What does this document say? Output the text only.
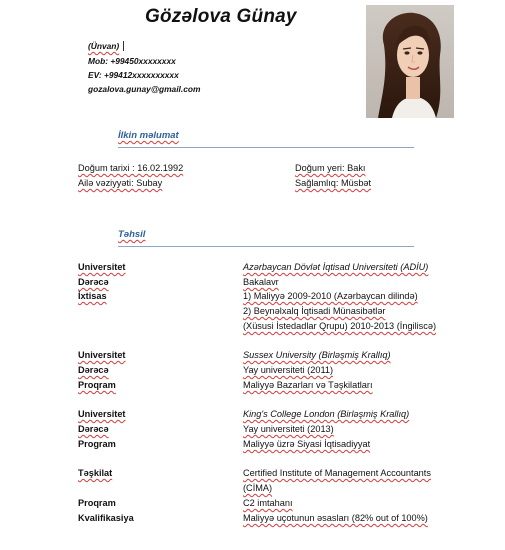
Gözəlova Günay
(Ünvan)
Mob: +99450xxxxxxxx
EV: +99412xxxxxxxxxx
gozalova.gunay@gmail.com
İlkin məlumat
Doğum tarixi : 16.02.1992	Doğum yeri: Bakı
Ailə vəziyyəti: Subay	Sağlamlıq: Müsbət
Təhsil
Universitet	Azərbaycan Dövlət İqtisad Universiteti (ADİU)
Dərəcə	Bakalavr
İxtisas	1) Maliyyə 2009-2010 (Azərbaycan dilində)
2) Beynəlxalq İqtisadi Münasibətlər
(Xüsusi İstedadlar Qrupu) 2010-2013 (İngiliscə)
Universitet	Sussex University (Birləşmiş Krallıq)
Dərəcə	Yay universiteti (2011)
Proqram	Maliyyə Bazarları və Təşkilatları
Universitet	King's College London (Birləşmiş Krallıq)
Dərəcə	Yay universiteti (2013)
Program	Maliyyə üzrə Siyasi İqtisadiyyat
Təşkilat	Certified Institute of Management Accountants
(CİMA)
Proqram	C2 imtahanı
Kvalifikasiya	Maliyyə uçotunun əsasları (82% out of 100%)
